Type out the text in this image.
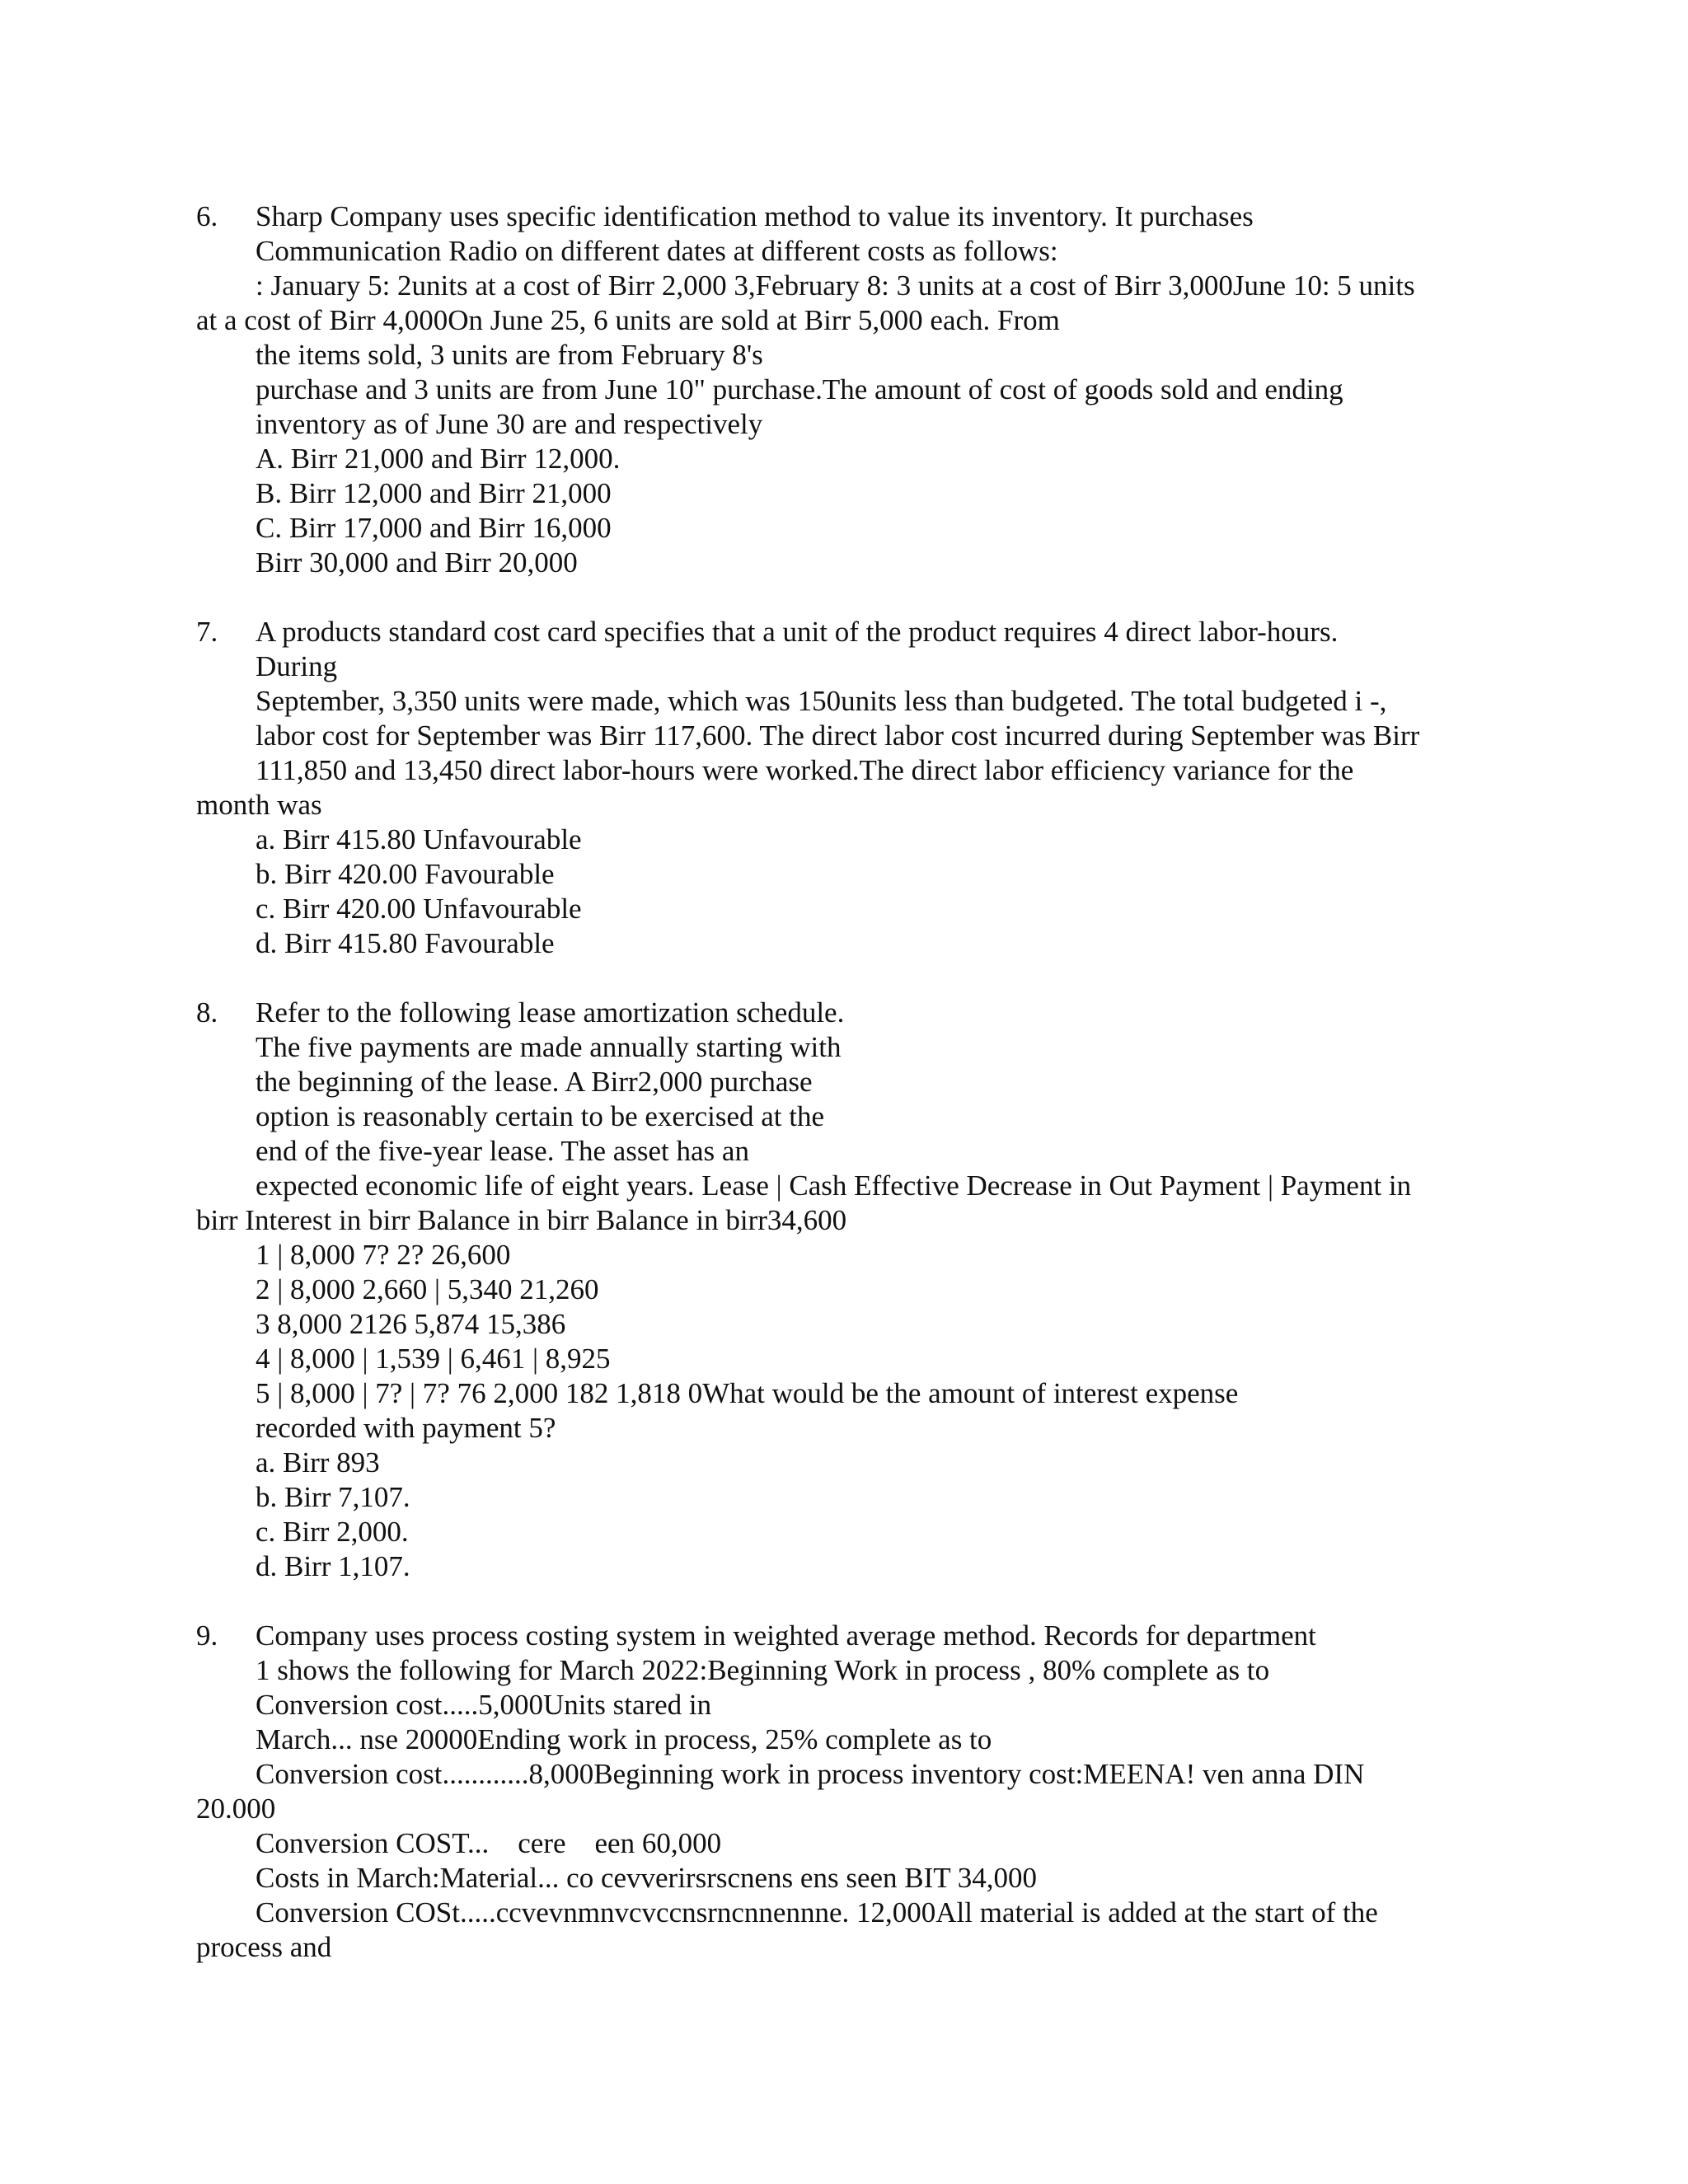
6. Sharp Company uses specific identification method to value its inventory. It purchases
Communication Radio on different dates at different costs as follows:
: January 5: 2units at a cost of Birr 2,000 3,February 8: 3 units at a cost of Birr 3,000June 10: 5 units
at a cost of Birr 4,000On June 25, 6 units are sold at Birr 5,000 each. From
the items sold, 3 units are from February 8's
purchase and 3 units are from June 10" purchase.The amount of cost of goods sold and ending
inventory as of June 30 are and respectively
A. Birr 21,000 and Birr 12,000.
B. Birr 12,000 and Birr 21,000
C. Birr 17,000 and Birr 16,000
Birr 30,000 and Birr 20,000
7. A products standard cost card specifies that a unit of the product requires 4 direct labor-hours.
During
September, 3,350 units were made, which was 150units less than budgeted. The total budgeted i -,
labor cost for September was Birr 117,600. The direct labor cost incurred during September was Birr
111,850 and 13,450 direct labor-hours were worked.The direct labor efficiency variance for the
month was
a. Birr 415.80 Unfavourable
b. Birr 420.00 Favourable
c. Birr 420.00 Unfavourable
d. Birr 415.80 Favourable
8. Refer to the following lease amortization schedule.
The five payments are made annually starting with
the beginning of the lease. A Birr2,000 purchase
option is reasonably certain to be exercised at the
end of the five-year lease. The asset has an
expected economic life of eight years. Lease | Cash Effective Decrease in Out Payment | Payment in
birr Interest in birr Balance in birr Balance in birr34,600
1 | 8,000 7? 2? 26,600
2 | 8,000 2,660 | 5,340 21,260
3 8,000 2126 5,874 15,386
4 | 8,000 | 1,539 | 6,461 | 8,925
5 | 8,000 | 7? | 7? 76 2,000 182 1,818 0What would be the amount of interest expense
recorded with payment 5?
a. Birr 893
b. Birr 7,107.
c. Birr 2,000.
d. Birr 1,107.
9. Company uses process costing system in weighted average method. Records for department
1 shows the following for March 2022:Beginning Work in process , 80% complete as to
Conversion cost.....5,000Units stared in
March... nse 20000Ending work in process, 25% complete as to
Conversion cost............8,000Beginning work in process inventory cost:MEENA! ven anna DIN
20.000
Conversion COST...    cere    een 60,000
Costs in March:Material... co cevverirsrscnens ens seen BIT 34,000
Conversion COSt.....ccvevnmnvcvccnsrncnnennne. 12,000All material is added at the start of the
process and
